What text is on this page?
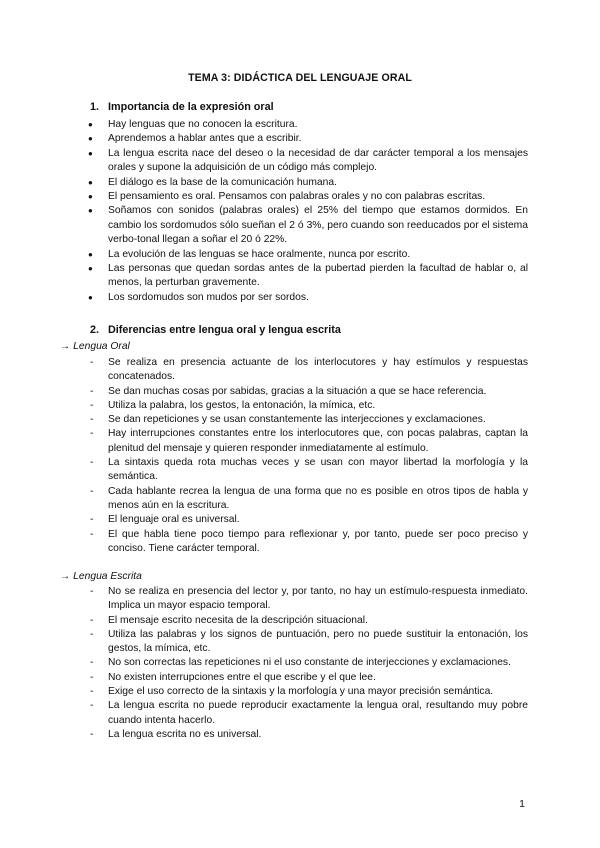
TEMA 3: DIDÁCTICA DEL LENGUAJE ORAL
1. Importancia de la expresión oral
● Hay lenguas que no conocen la escritura.
● Aprendemos a hablar antes que a escribir.
● La lengua escrita nace del deseo o la necesidad de dar carácter temporal a los mensajes orales y supone la adquisición de un código más complejo.
● El diálogo es la base de la comunicación humana.
● El pensamiento es oral. Pensamos con palabras orales y no con palabras escritas.
● Soñamos con sonidos (palabras orales) el 25% del tiempo que estamos dormidos. En cambio los sordomudos sólo sueñan el 2 ó 3%, pero cuando son reeducados por el sistema verbo-tonal llegan a soñar el 20 ó 22%.
● La evolución de las lenguas se hace oralmente, nunca por escrito.
● Las personas que quedan sordas antes de la pubertad pierden la facultad de hablar o, al menos, la perturban gravemente.
● Los sordomudos son mudos por ser sordos.
2. Diferencias entre lengua oral y lengua escrita
→ Lengua Oral
- Se realiza en presencia actuante de los interlocutores y hay estímulos y respuestas concatenados.
- Se dan muchas cosas por sabidas, gracias a la situación a que se hace referencia.
- Utiliza la palabra, los gestos, la entonación, la mímica, etc.
- Se dan repeticiones y se usan constantemente las interjecciones y exclamaciones.
- Hay interrupciones constantes entre los interlocutores que, con pocas palabras, captan la plenitud del mensaje y quieren responder inmediatamente al estímulo.
- La sintaxis queda rota muchas veces y se usan con mayor libertad la morfología y la semántica.
- Cada hablante recrea la lengua de una forma que no es posible en otros tipos de habla y menos aún en la escritura.
- El lenguaje oral es universal.
- El que habla tiene poco tiempo para reflexionar y, por tanto, puede ser poco preciso y conciso. Tiene carácter temporal.
→ Lengua Escrita
- No se realiza en presencia del lector y, por tanto, no hay un estímulo-respuesta inmediato. Implica un mayor espacio temporal.
- El mensaje escrito necesita de la descripción situacional.
- Utiliza las palabras y los signos de puntuación, pero no puede sustituir la entonación, los gestos, la mímica, etc.
- No son correctas las repeticiones ni el uso constante de interjecciones y exclamaciones.
- No existen interrupciones entre el que escribe y el que lee.
- Exige el uso correcto de la sintaxis y la morfología y una mayor precisión semántica.
- La lengua escrita no puede reproducir exactamente la lengua oral, resultando muy pobre cuando intenta hacerlo.
- La lengua escrita no es universal.
1
